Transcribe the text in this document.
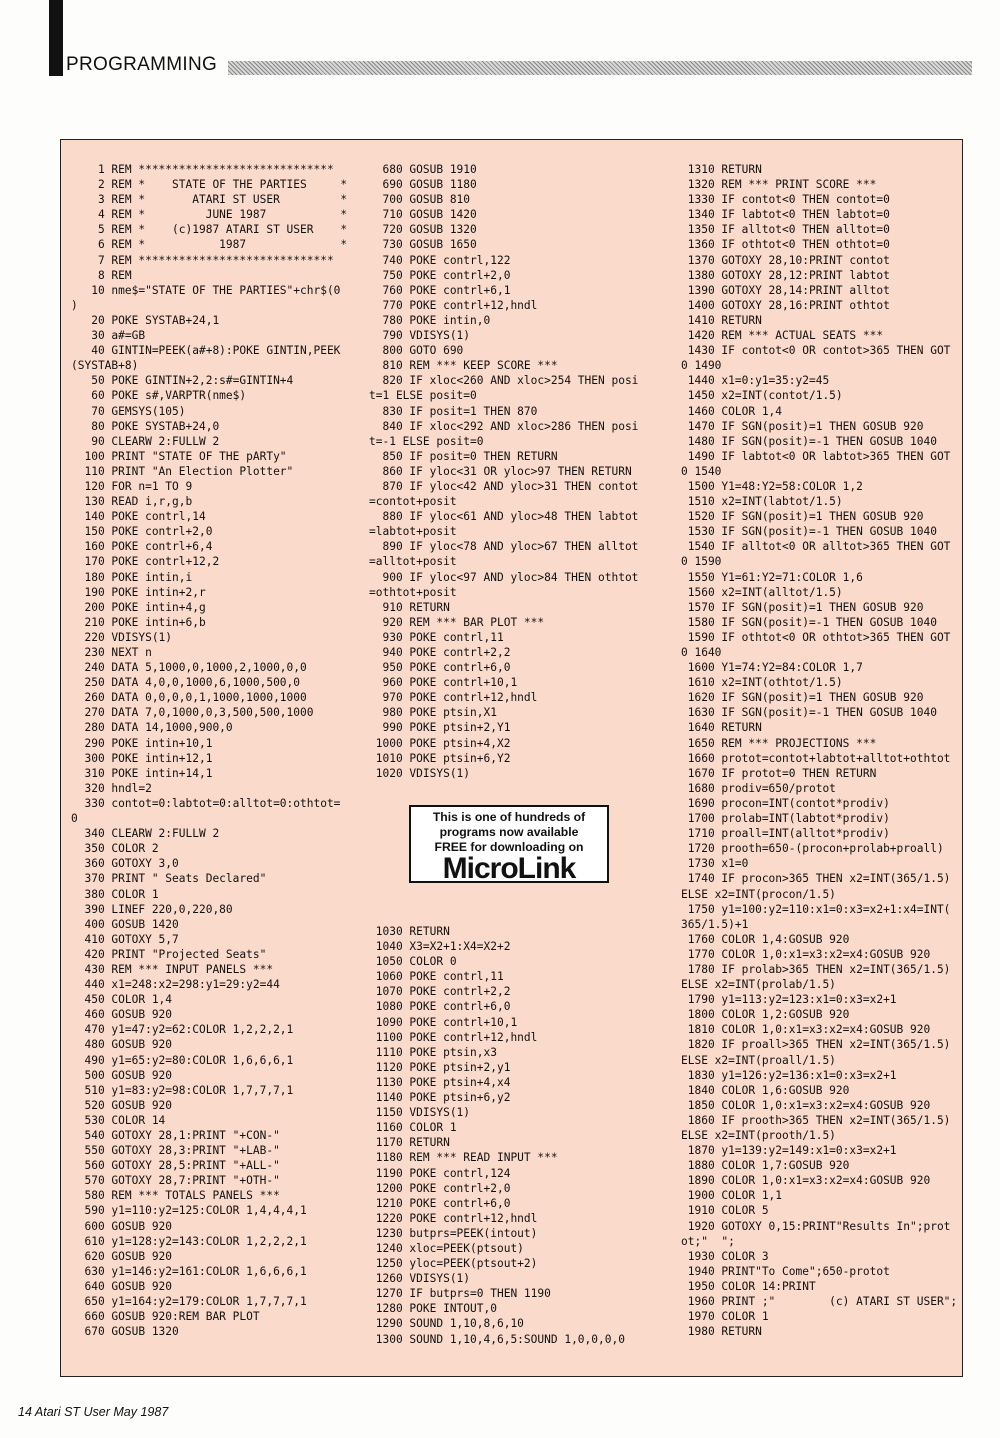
PROGRAMMING
1 REM *****************************
2 REM *    STATE OF THE PARTIES     *
3 REM *       ATARI ST USER         *
4 REM *         JUNE 1987           *
5 REM *    (c)1987 ATARI ST USER    *
6 REM *           1987              *
7 REM *****************************
8 REM
10 nme$="STATE OF THE PARTIES"+chr$(0
)
20 POKE SYSTAB+24,1
30 a#=GB
40 GINTIN=PEEK(a#+8):POKE GINTIN,PEEK
(SYSTAB+8)
50 POKE GINTIN+2,2:s#=GINTIN+4
60 POKE s#,VARPTR(nme$)
70 GEMSYS(105)
80 POKE SYSTAB+24,0
90 CLEARW 2:FULLW 2
100 PRINT "STATE OF THE pARTy"
110 PRINT "An Election Plotter"
120 FOR n=1 TO 9
130 READ i,r,g,b
140 POKE contrl,14
150 POKE contrl+2,0
160 POKE contrl+6,4
170 POKE contrl+12,2
180 POKE intin,i
190 POKE intin+2,r
200 POKE intin+4,g
210 POKE intin+6,b
220 VDISYS(1)
230 NEXT n
240 DATA 5,1000,0,1000,2,1000,0,0
250 DATA 4,0,0,1000,6,1000,500,0
260 DATA 0,0,0,0,1,1000,1000,1000
270 DATA 7,0,1000,0,3,500,500,1000
280 DATA 14,1000,900,0
290 POKE intin+10,1
300 POKE intin+12,1
310 POKE intin+14,1
320 hndl=2
330 contot=0:labtot=0:alltot=0:othtot=
0
340 CLEARW 2:FULLW 2
350 COLOR 2
360 GOTOXY 3,0
370 PRINT " Seats Declared"
380 COLOR 1
390 LINEF 220,0,220,80
400 GOSUB 1420
410 GOTOXY 5,7
420 PRINT "Projected Seats"
430 REM *** INPUT PANELS ***
440 x1=248:x2=298:y1=29:y2=44
450 COLOR 1,4
460 GOSUB 920
470 y1=47:y2=62:COLOR 1,2,2,2,1
480 GOSUB 920
490 y1=65:y2=80:COLOR 1,6,6,6,1
500 GOSUB 920
510 y1=83:y2=98:COLOR 1,7,7,7,1
520 GOSUB 920
530 COLOR 14
540 GOTOXY 28,1:PRINT "+CON-"
550 GOTOXY 28,3:PRINT "+LAB-"
560 GOTOXY 28,5:PRINT "+ALL-"
570 GOTOXY 28,7:PRINT "+OTH-"
580 REM *** TOTALS PANELS ***
590 y1=110:y2=125:COLOR 1,4,4,4,1
600 GOSUB 920
610 y1=128:y2=143:COLOR 1,2,2,2,1
620 GOSUB 920
630 y1=146:y2=161:COLOR 1,6,6,6,1
640 GOSUB 920
650 y1=164:y2=179:COLOR 1,7,7,7,1
660 GOSUB 920:REM BAR PLOT
670 GOSUB 1320

680 GOSUB 1910
690 GOSUB 1180
700 GOSUB 810
710 GOSUB 1420
720 GOSUB 1320
730 GOSUB 1650
740 POKE contrl,122
750 POKE contrl+2,0
760 POKE contrl+6,1
770 POKE contrl+12,hndl
780 POKE intin,0
790 VDISYS(1)
800 GOTO 690
810 REM *** KEEP SCORE ***
820 IF xloc<260 AND xloc>254 THEN posi
t=1 ELSE posit=0
830 IF posit=1 THEN 870
840 IF xloc<292 AND xloc>286 THEN posi
t=-1 ELSE posit=0
850 IF posit=0 THEN RETURN
860 IF yloc<31 OR yloc>97 THEN RETURN
870 IF yloc<42 AND yloc>31 THEN contot
=contot+posit
880 IF yloc<61 AND yloc>48 THEN labtot
=labtot+posit
890 IF yloc<78 AND yloc>67 THEN alltot
=alltot+posit
900 IF yloc<97 AND yloc>84 THEN othtot
=othtot+posit
910 RETURN
920 REM *** BAR PLOT ***
930 POKE contrl,11
940 POKE contrl+2,2
950 POKE contrl+6,0
960 POKE contrl+10,1
970 POKE contrl+12,hndl
980 POKE ptsin,X1
990 POKE ptsin+2,Y1
1000 POKE ptsin+4,X2
1010 POKE ptsin+6,Y2
1020 VDISYS(1)

1030 RETURN
1040 X3=X2+1:X4=X2+2
1050 COLOR 0
1060 POKE contrl,11
1070 POKE contrl+2,2
1080 POKE contrl+6,0
1090 POKE contrl+10,1
1100 POKE contrl+12,hndl
1110 POKE ptsin,x3
1120 POKE ptsin+2,y1
1130 POKE ptsin+4,x4
1140 POKE ptsin+6,y2
1150 VDISYS(1)
1160 COLOR 1
1170 RETURN
1180 REM *** READ INPUT ***
1190 POKE contrl,124
1200 POKE contrl+2,0
1210 POKE contrl+6,0
1220 POKE contrl+12,hndl
1230 butprs=PEEK(intout)
1240 xloc=PEEK(ptsout)
1250 yloc=PEEK(ptsout+2)
1260 VDISYS(1)
1270 IF butprs=0 THEN 1190
1280 POKE INTOUT,0
1290 SOUND 1,10,8,6,10
1300 SOUND 1,10,4,6,5:SOUND 1,0,0,0,0

1310 RETURN
1320 REM *** PRINT SCORE ***
1330 IF contot<0 THEN contot=0
1340 IF labtot<0 THEN labtot=0
1350 IF alltot<0 THEN alltot=0
1360 IF othtot<0 THEN othtot=0
1370 GOTOXY 28,10:PRINT contot
1380 GOTOXY 28,12:PRINT labtot
1390 GOTOXY 28,14:PRINT alltot
1400 GOTOXY 28,16:PRINT othtot
1410 RETURN
1420 REM *** ACTUAL SEATS ***
1430 IF contot<0 OR contot>365 THEN GOT
0 1490
1440 x1=0:y1=35:y2=45
1450 x2=INT(contot/1.5)
1460 COLOR 1,4
1470 IF SGN(posit)=1 THEN GOSUB 920
1480 IF SGN(posit)=-1 THEN GOSUB 1040
1490 IF labtot<0 OR labtot>365 THEN GOT
0 1540
1500 Y1=48:Y2=58:COLOR 1,2
1510 x2=INT(labtot/1.5)
1520 IF SGN(posit)=1 THEN GOSUB 920
1530 IF SGN(posit)=-1 THEN GOSUB 1040
1540 IF alltot<0 OR alltot>365 THEN GOT
0 1590
1550 Y1=61:Y2=71:COLOR 1,6
1560 x2=INT(alltot/1.5)
1570 IF SGN(posit)=1 THEN GOSUB 920
1580 IF SGN(posit)=-1 THEN GOSUB 1040
1590 IF othtot<0 OR othtot>365 THEN GOT
0 1640
1600 Y1=74:Y2=84:COLOR 1,7
1610 x2=INT(othtot/1.5)
1620 IF SGN(posit)=1 THEN GOSUB 920
1630 IF SGN(posit)=-1 THEN GOSUB 1040
1640 RETURN
1650 REM *** PROJECTIONS ***
1660 protot=contot+labtot+alltot+othtot
1670 IF protot=0 THEN RETURN
1680 prodiv=650/protot
1690 procon=INT(contot*prodiv)
1700 prolab=INT(labtot*prodiv)
1710 proall=INT(alltot*prodiv)
1720 prooth=650-(procon+prolab+proall)
1730 x1=0
1740 IF procon>365 THEN x2=INT(365/1.5)
ELSE x2=INT(procon/1.5)
1750 y1=100:y2=110:x1=0:x3=x2+1:x4=INT(
365/1.5)+1
1760 COLOR 1,4:GOSUB 920
1770 COLOR 1,0:x1=x3:x2=x4:GOSUB 920
1780 IF prolab>365 THEN x2=INT(365/1.5)
ELSE x2=INT(prolab/1.5)
1790 y1=113:y2=123:x1=0:x3=x2+1
1800 COLOR 1,2:GOSUB 920
1810 COLOR 1,0:x1=x3:x2=x4:GOSUB 920
1820 IF proall>365 THEN x2=INT(365/1.5)
ELSE x2=INT(proall/1.5)
1830 y1=126:y2=136:x1=0:x3=x2+1
1840 COLOR 1,6:GOSUB 920
1850 COLOR 1,0:x1=x3:x2=x4:GOSUB 920
1860 IF prooth>365 THEN x2=INT(365/1.5)
ELSE x2=INT(prooth/1.5)
1870 y1=139:y2=149:x1=0:x3=x2+1
1880 COLOR 1,7:GOSUB 920
1890 COLOR 1,0:x1=x3:x2=x4:GOSUB 920
1900 COLOR 1,1
1910 COLOR 5
1920 GOTOXY 0,15:PRINT"Results In";prot
ot;"  ";
1930 COLOR 3
1940 PRINT"To Come";650-protot
1950 COLOR 14:PRINT
1960 PRINT ;"        (c) ATARI ST USER";
1970 COLOR 1
1980 RETURN

This is one of hundreds of
programs now available
FREE for downloading on
MicroLink
14 Atari ST User May 1987
